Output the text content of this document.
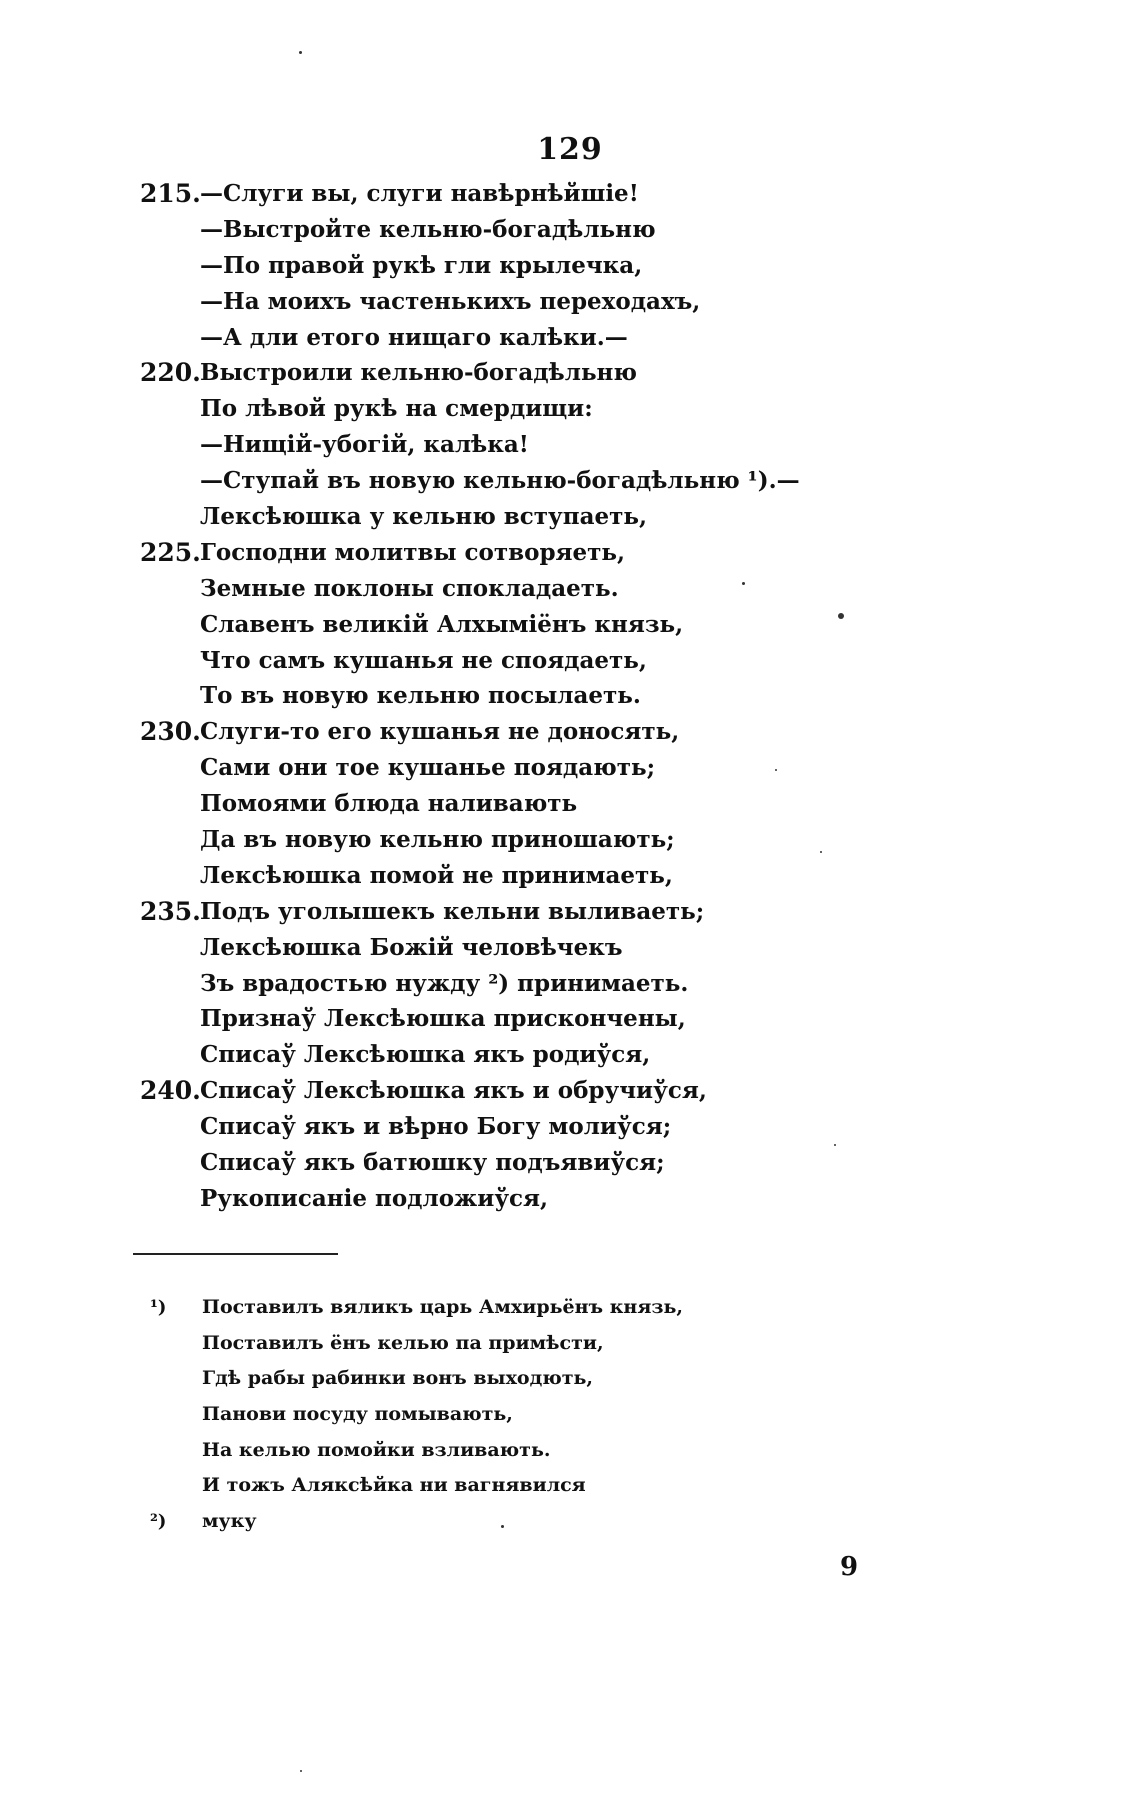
129
215. —Слуги вы, слуги навѣрнѣйшіе!
—Выстройте кельню-богадѣльню
—По правой рукѣ гли крылечка,
—На моихъ частенькихъ переходахъ,
—А дли етого нищаго калѣки.—
220. Выстроили кельню-богадѣльню
По лѣвой рукѣ на смердищи:
—Нищій-убогій, калѣка!
—Ступай въ новую кельню-богадѣльню ¹).—
Лексѣюшка у кельню вступаеть,
225. Господни молитвы сотворяеть,
Земные поклоны спокладаеть.
Славенъ великій Алхымiёнъ князь,
Что самъ кушанья не споядаеть,
То въ новую кельню посылаеть.
230. Слуги-то его кушанья не доносять,
Сами они тое кушанье поядають;
Помоями блюда наливають
Да въ новую кельню приношають;
Лексѣюшка помой не принимаеть,
235. Подъ уголышекъ кельни выливаеть;
Лексѣюшка Божій человѣчекъ
Зъ врадостью нужду ²) принимаеть.
Признаў Лексѣюшка прискончены,
Списаў Лексѣюшка якъ родиўся,
240. Списаў Лексѣюшка якъ и обручиўся,
Списаў якъ и вѣрно Богу молиўся;
Списаў якъ батюшку подъявиўся;
Рукописаніе подложиўся,
¹)	Поставилъ вяликъ царь Амхирьёнъ князь,
Поставилъ ёнъ келью па примѣсти,
Гдѣ рабы рабинки вонъ выходють,
Панови посуду помывають,
На келью помойки взливають.
И тожъ Аляксѣйка ни вагнявился
²)	муку
9
